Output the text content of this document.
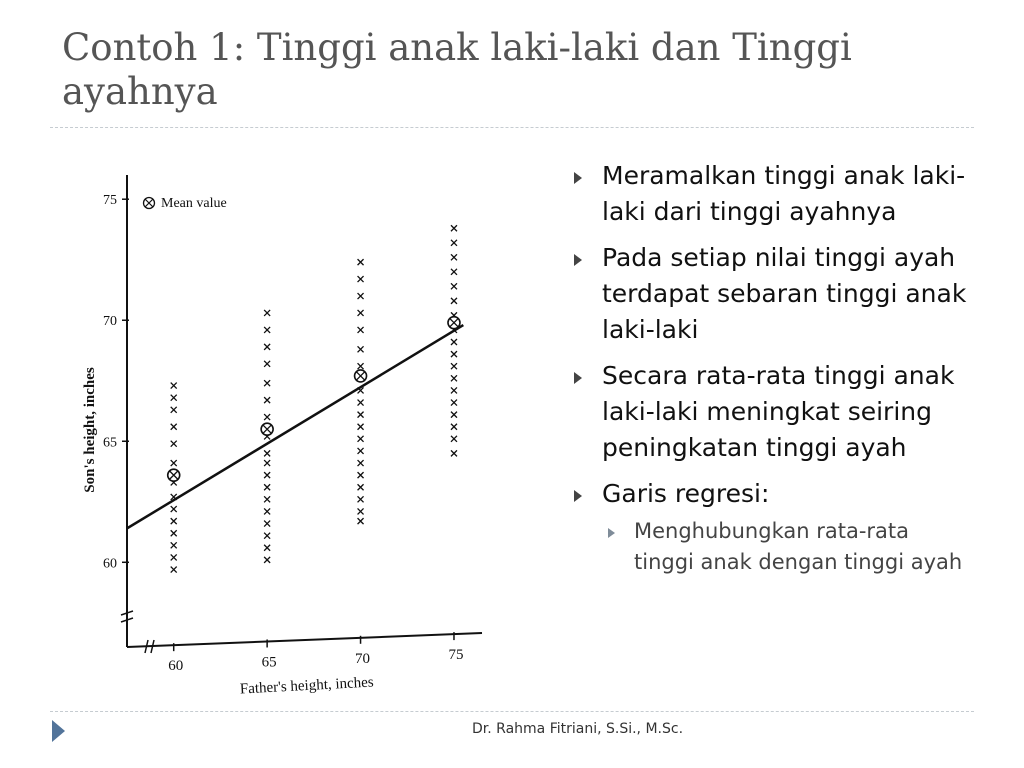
Contoh 1: Tinggi anak laki-laki dan Tinggi ayahnya
60
65
70
75
60	65	70	75
Father's height, inches
Son's height, inches
Mean value
Meramalkan tinggi anak laki-laki dari tinggi ayahnya
Pada setiap nilai tinggi ayah terdapat sebaran tinggi anak laki-laki
Secara rata-rata tinggi anak laki-laki meningkat seiring peningkatan tinggi ayah
Garis regresi:
Menghubungkan rata-rata tinggi anak dengan tinggi ayah
Dr. Rahma Fitriani, S.Si., M.Sc.
